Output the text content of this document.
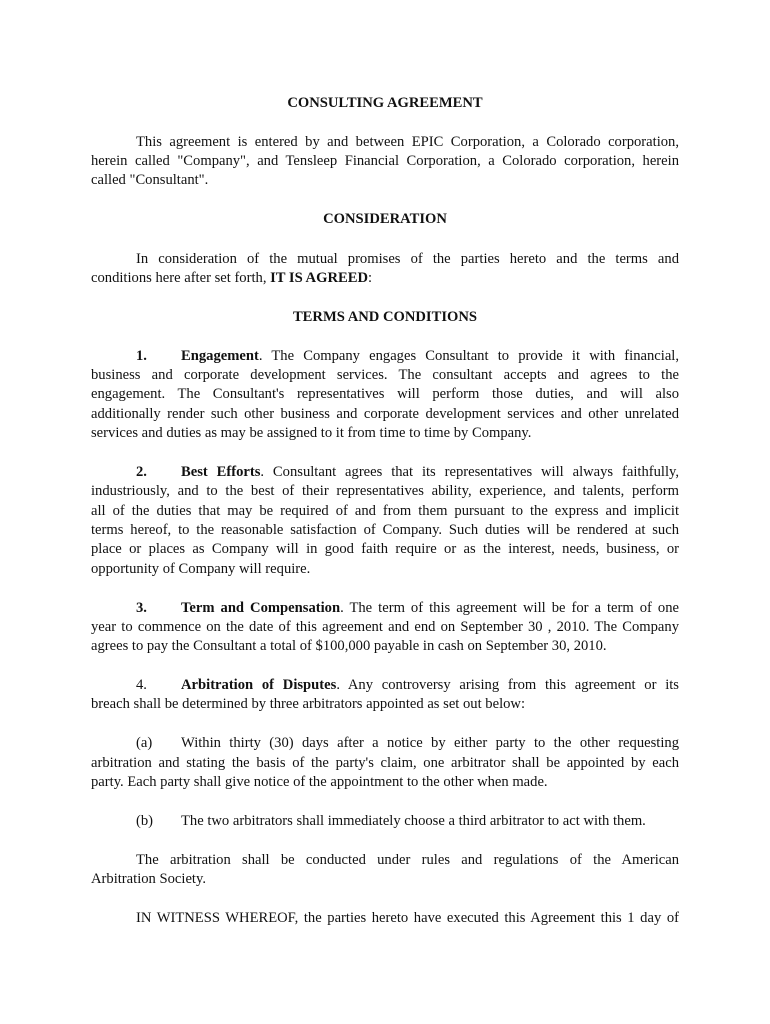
CONSULTING AGREEMENT
This agreement is entered by and between EPIC Corporation, a Colorado corporation,
herein called "Company", and Tensleep Financial Corporation, a Colorado corporation, herein
called "Consultant".
CONSIDERATION
In consideration of the mutual promises of the parties hereto and the terms and
conditions here after set forth, IT IS AGREED:
TERMS AND CONDITIONS
1. Engagement. The Company engages Consultant to provide it with financial,
business and corporate development services. The consultant accepts and agrees to the
engagement. The Consultant's representatives will perform those duties, and will also
additionally render such other business and corporate development services and other unrelated
services and duties as may be assigned to it from time to time by Company.
2. Best Efforts. Consultant agrees that its representatives will always faithfully,
industriously, and to the best of their representatives ability, experience, and talents, perform
all of the duties that may be required of and from them pursuant to the express and implicit
terms hereof, to the reasonable satisfaction of Company. Such duties will be rendered at such
place or places as Company will in good faith require or as the interest, needs, business, or
opportunity of Company will require.
3. Term and Compensation. The term of this agreement will be for a term of one
year to commence on the date of this agreement and end on September 30 , 2010. The Company
agrees to pay the Consultant a total of $100,000 payable in cash on September 30, 2010.
4. Arbitration of Disputes. Any controversy arising from this agreement or its
breach shall be determined by three arbitrators appointed as set out below:
(a) Within thirty (30) days after a notice by either party to the other requesting
arbitration and stating the basis of the party's claim, one arbitrator shall be appointed by each
party. Each party shall give notice of the appointment to the other when made.
(b) The two arbitrators shall immediately choose a third arbitrator to act with them.
The arbitration shall be conducted under rules and regulations of the American
Arbitration Society.
IN WITNESS WHEREOF, the parties hereto have executed this Agreement this 1 day of
